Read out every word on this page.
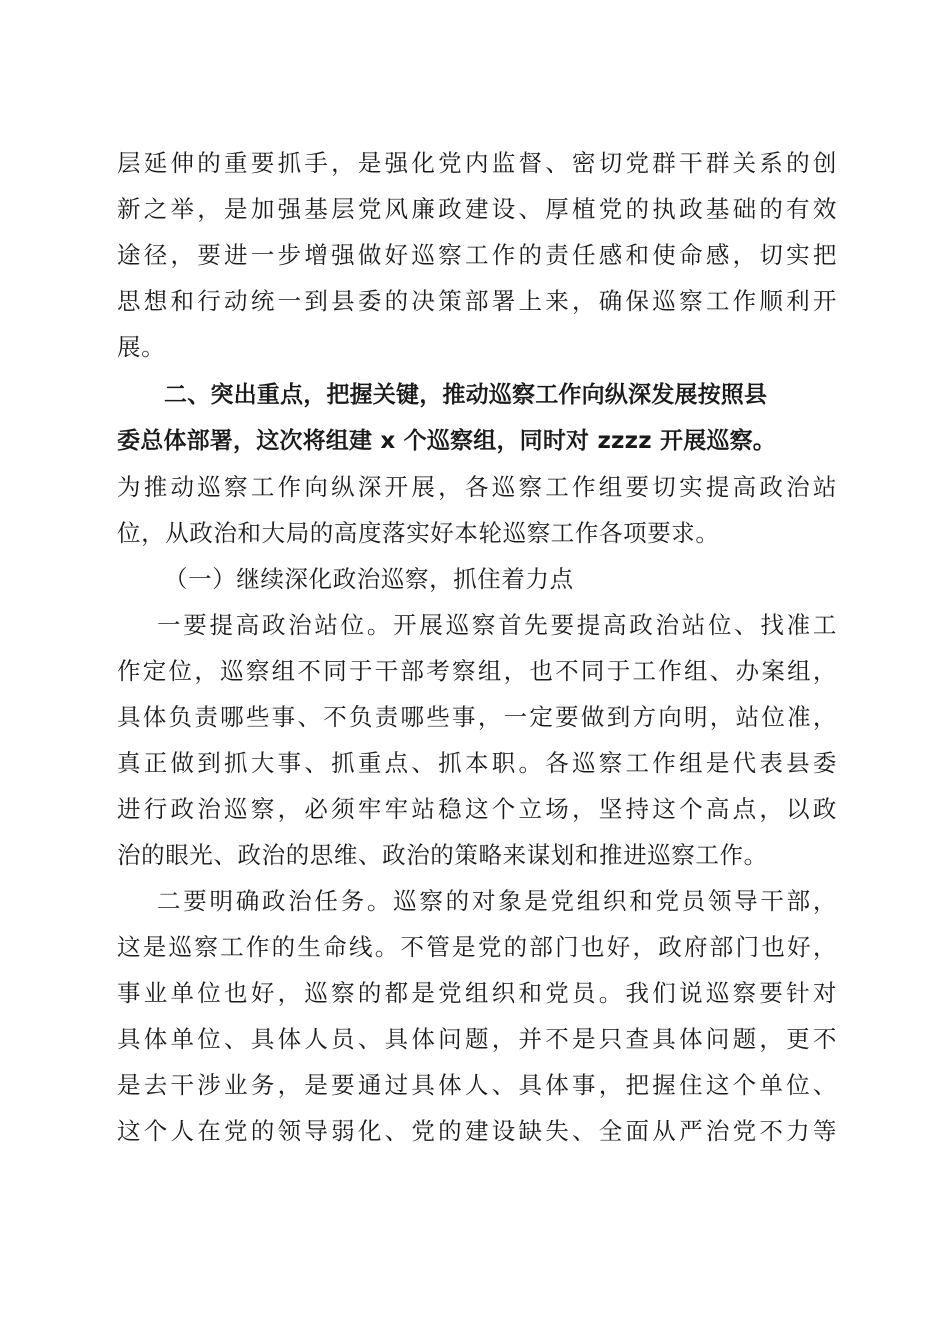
层延伸的重要抓手，是强化党内监督、密切党群干群关系的创
新之举，是加强基层党风廉政建设、厚植党的执政基础的有效
途径，要进一步增强做好巡察工作的责任感和使命感，切实把
思想和行动统一到县委的决策部署上来，确保巡察工作顺利开
展。
二、突出重点，把握关键，推动巡察工作向纵深发展按照县
委总体部署，这次将组建 x 个巡察组，同时对 zzzz 开展巡察。
为推动巡察工作向纵深开展，各巡察工作组要切实提高政治站
位，从政治和大局的高度落实好本轮巡察工作各项要求。
（一）继续深化政治巡察，抓住着力点
一要提高政治站位。开展巡察首先要提高政治站位、找准工
作定位，巡察组不同于干部考察组，也不同于工作组、办案组，
具体负责哪些事、不负责哪些事，一定要做到方向明，站位准，
真正做到抓大事、抓重点、抓本职。各巡察工作组是代表县委
进行政治巡察，必须牢牢站稳这个立场，坚持这个高点，以政
治的眼光、政治的思维、政治的策略来谋划和推进巡察工作。
二要明确政治任务。巡察的对象是党组织和党员领导干部，
这是巡察工作的生命线。不管是党的部门也好，政府部门也好，
事业单位也好，巡察的都是党组织和党员。我们说巡察要针对
具体单位、具体人员、具体问题，并不是只查具体问题，更不
是去干涉业务，是要通过具体人、具体事，把握住这个单位、
这个人在党的领导弱化、党的建设缺失、全面从严治党不力等
